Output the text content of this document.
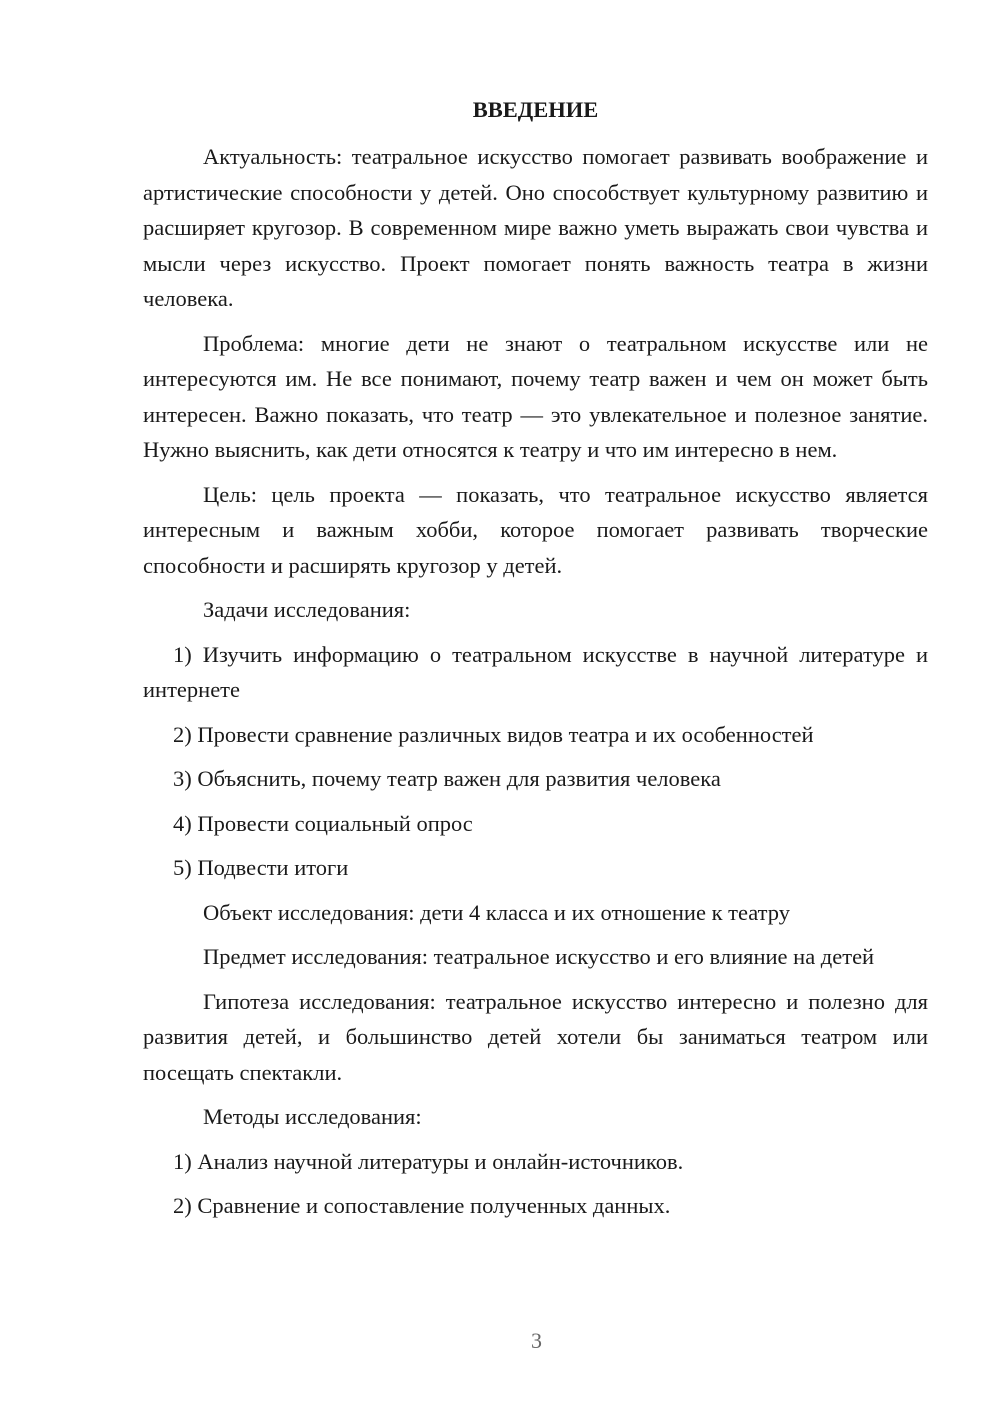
ВВЕДЕНИЕ

Актуальность: театральное искусство помогает развивать воображение и артистические способности у детей. Оно способствует культурному развитию и расширяет кругозор. В современном мире важно уметь выражать свои чувства и мысли через искусство. Проект помогает понять важность театра в жизни человека.

Проблема: многие дети не знают о театральном искусстве или не интересуются им. Не все понимают, почему театр важен и чем он может быть интересен. Важно показать, что театр — это увлекательное и полезное занятие. Нужно выяснить, как дети относятся к театру и что им интересно в нем.

Цель: цель проекта — показать, что театральное искусство является интересным и важным хобби, которое помогает развивать творческие способности и расширять кругозор у детей.

Задачи исследования:

1) Изучить информацию о театральном искусстве в научной литературе и интернете

2) Провести сравнение различных видов театра и их особенностей

3) Объяснить, почему театр важен для развития человека

4) Провести социальный опрос

5) Подвести итоги

Объект исследования: дети 4 класса и их отношение к театру

Предмет исследования: театральное искусство и его влияние на детей

Гипотеза исследования: театральное искусство интересно и полезно для развития детей, и большинство детей хотели бы заниматься театром или посещать спектакли.

Методы исследования:

1) Анализ научной литературы и онлайн-источников.

2) Сравнение и сопоставление полученных данных.

3
